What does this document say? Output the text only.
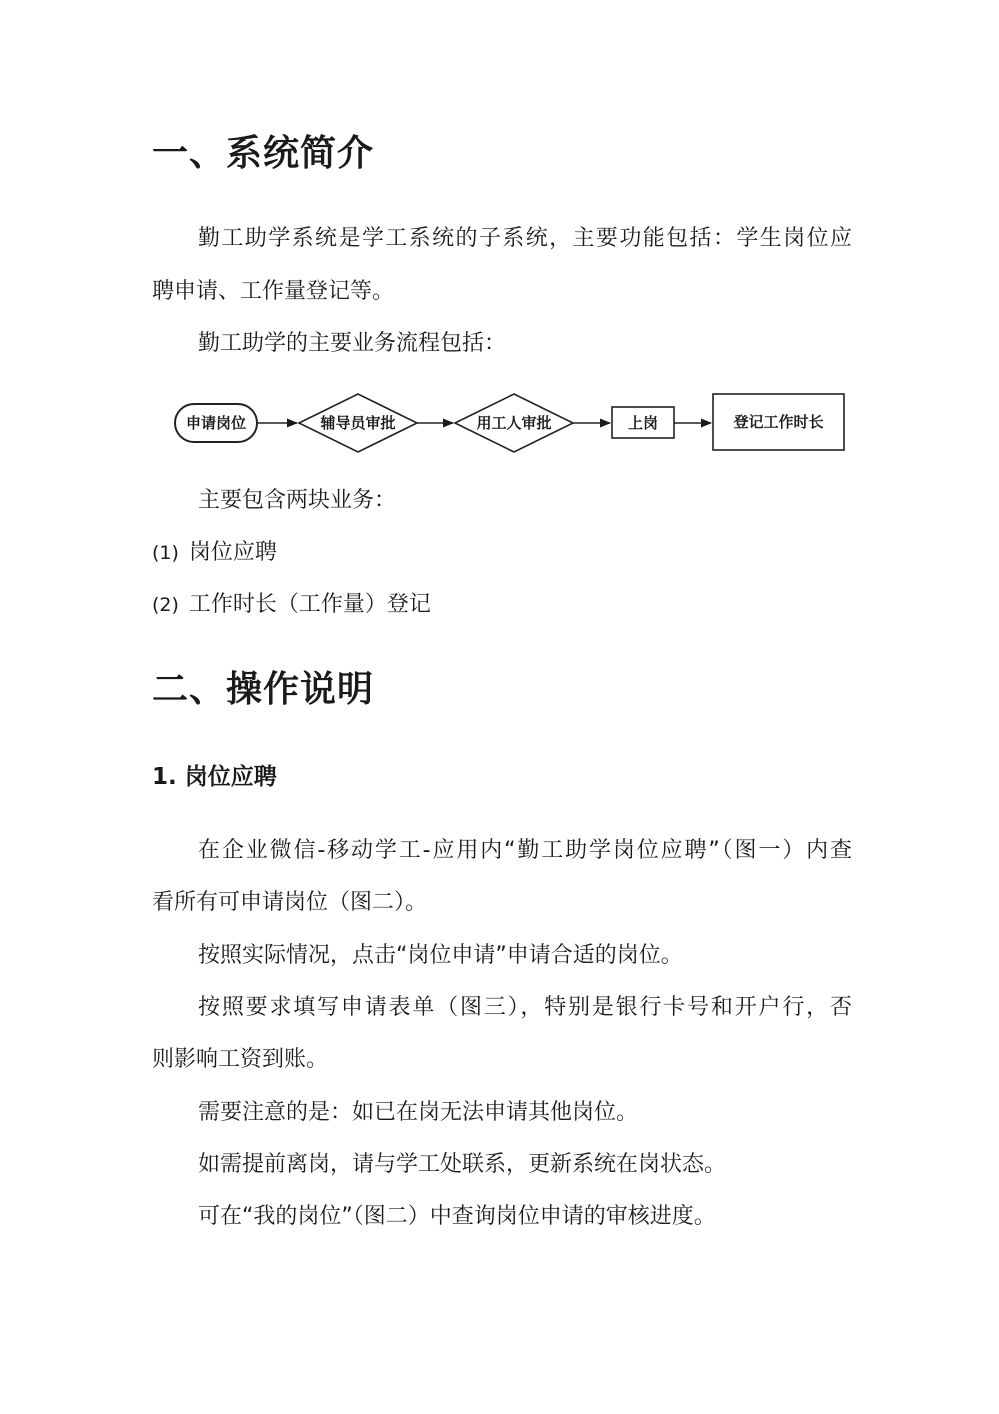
一、系统简介
勤工助学系统是学工系统的子系统，主要功能包括：学生岗位应
聘申请、工作量登记等。
勤工助学的主要业务流程包括：
申请岗位	辅导员审批	用工人审批	上岗	登记工作时长
主要包含两块业务：
(1) 岗位应聘
(2) 工作时长（工作量）登记
二、操作说明
1. 岗位应聘
在企业微信-移动学工-应用内“勤工助学岗位应聘”（图一）内查
看所有可申请岗位（图二）。
按照实际情况，点击“岗位申请”申请合适的岗位。
按照要求填写申请表单（图三），特别是银行卡号和开户行，否
则影响工资到账。
需要注意的是：如已在岗无法申请其他岗位。
如需提前离岗，请与学工处联系，更新系统在岗状态。
可在“我的岗位”（图二）中查询岗位申请的审核进度。
